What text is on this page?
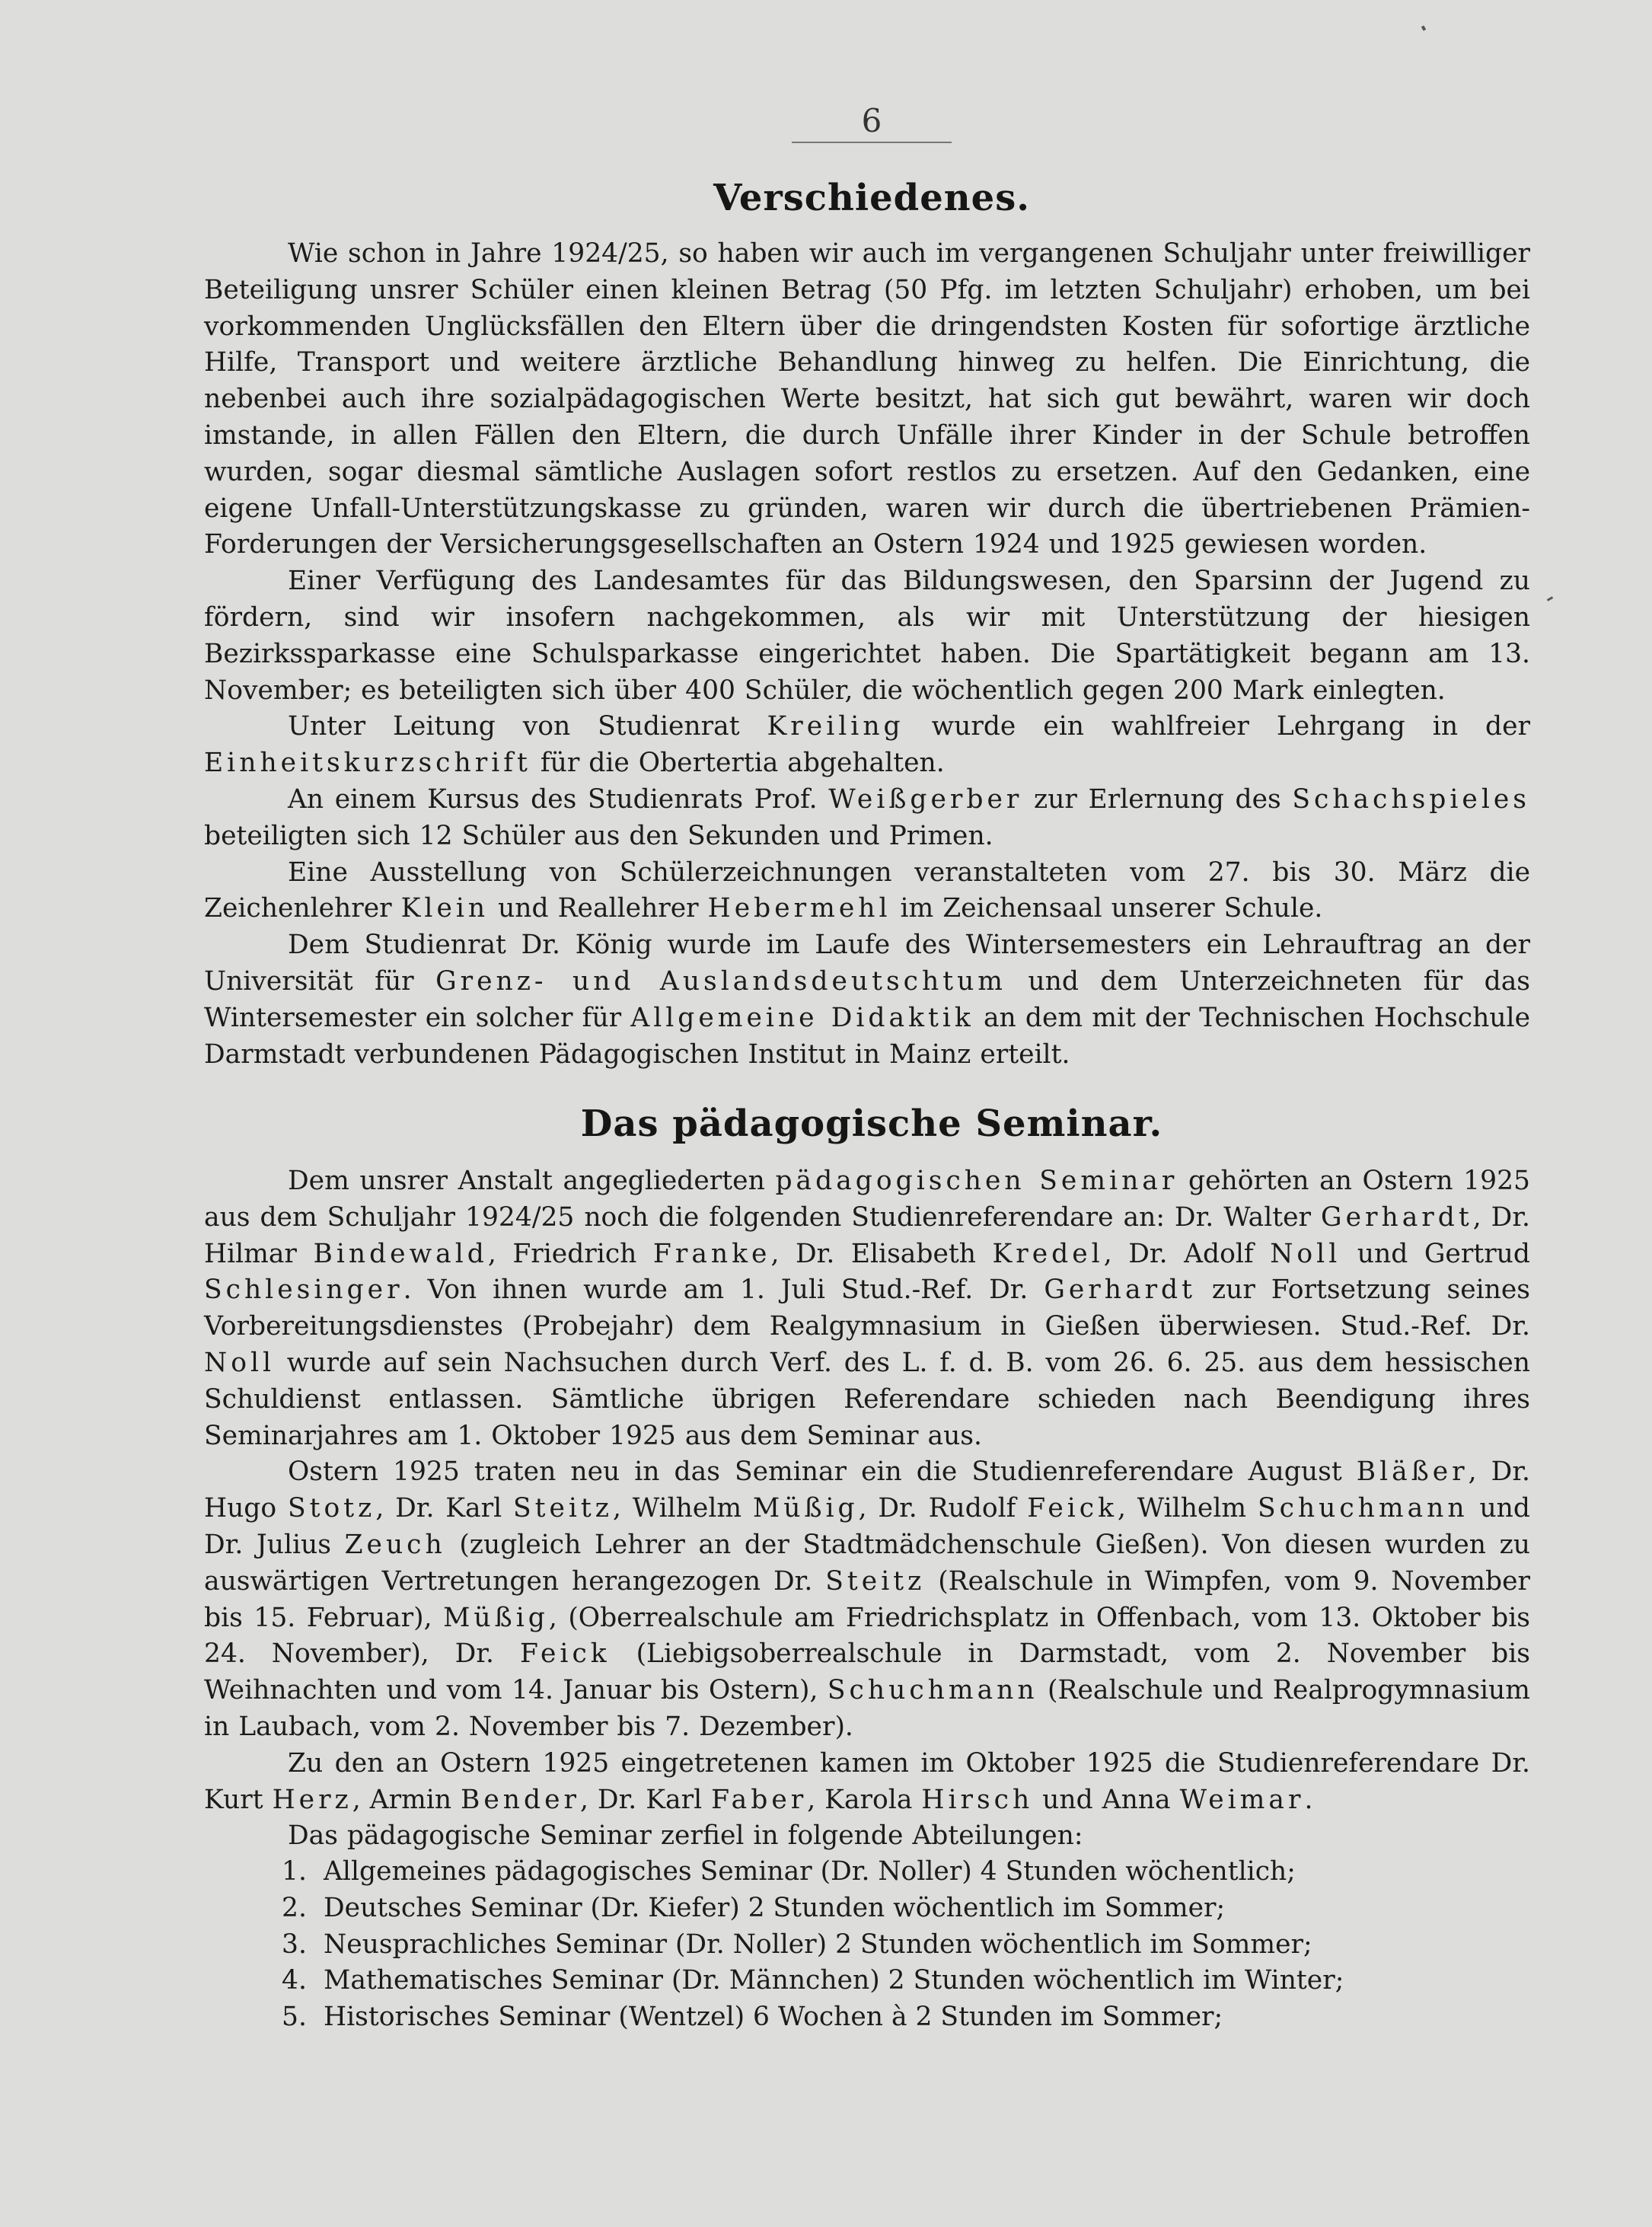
6
Verschiedenes.

Wie schon in Jahre 1924/25, so haben wir auch im vergangenen Schuljahr unter freiwilliger Beteiligung unsrer Schüler einen kleinen Betrag (50 Pfg. im letzten Schuljahr) erhoben, um bei vorkommenden Unglücksfällen den Eltern über die dringendsten Kosten für sofortige ärztliche Hilfe, Transport und weitere ärztliche Behandlung hinweg zu helfen. Die Einrichtung, die nebenbei auch ihre sozialpädagogischen Werte besitzt, hat sich gut bewährt, waren wir doch imstande, in allen Fällen den Eltern, die durch Unfälle ihrer Kinder in der Schule betroffen wurden, sogar diesmal sämtliche Auslagen sofort restlos zu ersetzen. Auf den Gedanken, eine eigene Unfall-Unterstützungskasse zu gründen, waren wir durch die übertriebenen Prämien-Forderungen der Versicherungsgesellschaften an Ostern 1924 und 1925 gewiesen worden.

Einer Verfügung des Landesamtes für das Bildungswesen, den Sparsinn der Jugend zu fördern, sind wir insofern nachgekommen, als wir mit Unterstützung der hiesigen Bezirkssparkasse eine Schulsparkasse eingerichtet haben. Die Spartätigkeit begann am 13. November; es beteiligten sich über 400 Schüler, die wöchentlich gegen 200 Mark einlegten.

Unter Leitung von Studienrat Kreiling wurde ein wahlfreier Lehrgang in der Einheitskurzschrift für die Obertertia abgehalten.

An einem Kursus des Studienrats Prof. Weißgerber zur Erlernung des Schachspieles beteiligten sich 12 Schüler aus den Sekunden und Primen.

Eine Ausstellung von Schülerzeichnungen veranstalteten vom 27. bis 30. März die Zeichenlehrer Klein und Reallehrer Hebermehl im Zeichensaal unserer Schule.

Dem Studienrat Dr. König wurde im Laufe des Wintersemesters ein Lehrauftrag an der Universität für Grenz- und Auslandsdeutschtum und dem Unterzeichneten für das Wintersemester ein solcher für Allgemeine Didaktik an dem mit der Technischen Hochschule Darmstadt verbundenen Pädagogischen Institut in Mainz erteilt.

Das pädagogische Seminar.

Dem unsrer Anstalt angegliederten pädagogischen Seminar gehörten an Ostern 1925 aus dem Schuljahr 1924/25 noch die folgenden Studienreferendare an: Dr. Walter Gerhardt, Dr. Hilmar Bindewald, Friedrich Franke, Dr. Elisabeth Kredel, Dr. Adolf Noll und Gertrud Schlesinger. Von ihnen wurde am 1. Juli Stud.-Ref. Dr. Gerhardt zur Fortsetzung seines Vorbereitungsdienstes (Probejahr) dem Realgymnasium in Gießen überwiesen. Stud.-Ref. Dr. Noll wurde auf sein Nachsuchen durch Verf. des L. f. d. B. vom 26. 6. 25. aus dem hessischen Schuldienst entlassen. Sämtliche übrigen Referendare schieden nach Beendigung ihres Seminarjahres am 1. Oktober 1925 aus dem Seminar aus.

Ostern 1925 traten neu in das Seminar ein die Studienreferendare August Bläßer, Dr. Hugo Stotz, Dr. Karl Steitz, Wilhelm Müßig, Dr. Rudolf Feick, Wilhelm Schuchmann und Dr. Julius Zeuch (zugleich Lehrer an der Stadtmädchenschule Gießen). Von diesen wurden zu auswärtigen Vertretungen herangezogen Dr. Steitz (Realschule in Wimpfen, vom 9. November bis 15. Februar), Müßig, (Oberrealschule am Friedrichsplatz in Offenbach, vom 13. Oktober bis 24. November), Dr. Feick (Liebigsoberrealschule in Darmstadt, vom 2. November bis Weihnachten und vom 14. Januar bis Ostern), Schuchmann (Realschule und Realprogymnasium in Laubach, vom 2. November bis 7. Dezember).

Zu den an Ostern 1925 eingetretenen kamen im Oktober 1925 die Studienreferendare Dr. Kurt Herz, Armin Bender, Dr. Karl Faber, Karola Hirsch und Anna Weimar.

Das pädagogische Seminar zerfiel in folgende Abteilungen:

1. Allgemeines pädagogisches Seminar (Dr. Noller) 4 Stunden wöchentlich;
2. Deutsches Seminar (Dr. Kiefer) 2 Stunden wöchentlich im Sommer;
3. Neusprachliches Seminar (Dr. Noller) 2 Stunden wöchentlich im Sommer;
4. Mathematisches Seminar (Dr. Männchen) 2 Stunden wöchentlich im Winter;
5. Historisches Seminar (Wentzel) 6 Wochen à 2 Stunden im Sommer;
